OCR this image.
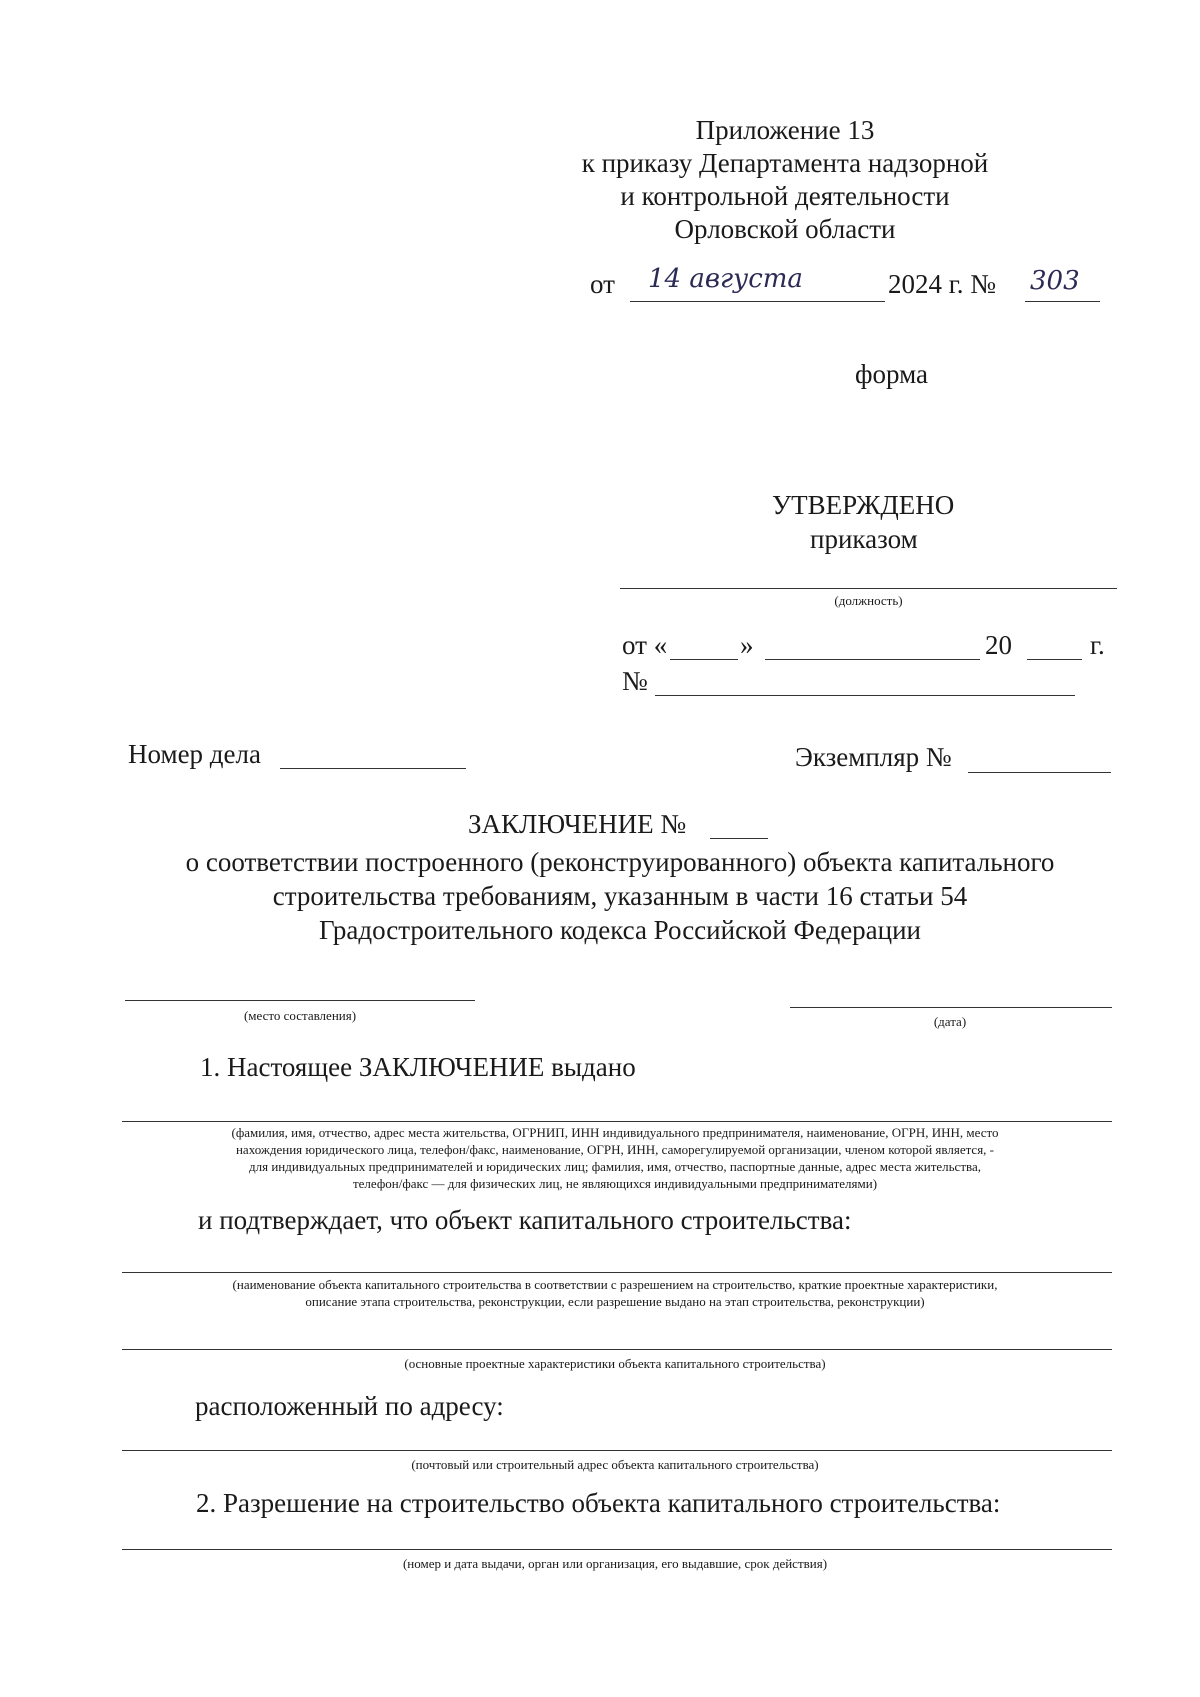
Приложение 13
к приказу Департамента надзорной
и контрольной деятельности
Орловской области
от 14 августа	2024 г. № 303
форма
УТВЕРЖДЕНО
приказом
(должность)
от «	»	20	г.
№
Номер дела	Экземпляр №
ЗАКЛЮЧЕНИЕ №
о соответствии построенного (реконструированного) объекта капитального
строительства требованиям, указанным в части 16 статьи 54
Градостроительного кодекса Российской Федерации
(место составления)	(дата)
1. Настоящее ЗАКЛЮЧЕНИЕ выдано
(фамилия, имя, отчество, адрес места жительства, ОГРНИП, ИНН индивидуального предпринимателя, наименование, ОГРН, ИНН, место
нахождения юридического лица, телефон/факс, наименование, ОГРН, ИНН, саморегулируемой организации, членом которой является, -
для индивидуальных предпринимателей и юридических лиц; фамилия, имя, отчество, паспортные данные, адрес места жительства,
телефон/факс — для физических лиц, не являющихся индивидуальными предпринимателями)
и подтверждает, что объект капитального строительства:
(наименование объекта капитального строительства в соответствии с разрешением на строительство, краткие проектные характеристики,
описание этапа строительства, реконструкции, если разрешение выдано на этап строительства, реконструкции)
(основные проектные характеристики объекта капитального строительства)
расположенный по адресу:
(почтовый или строительный адрес объекта капитального строительства)
2. Разрешение на строительство объекта капитального строительства:
(номер и дата выдачи, орган или организация, его выдавшие, срок действия)
